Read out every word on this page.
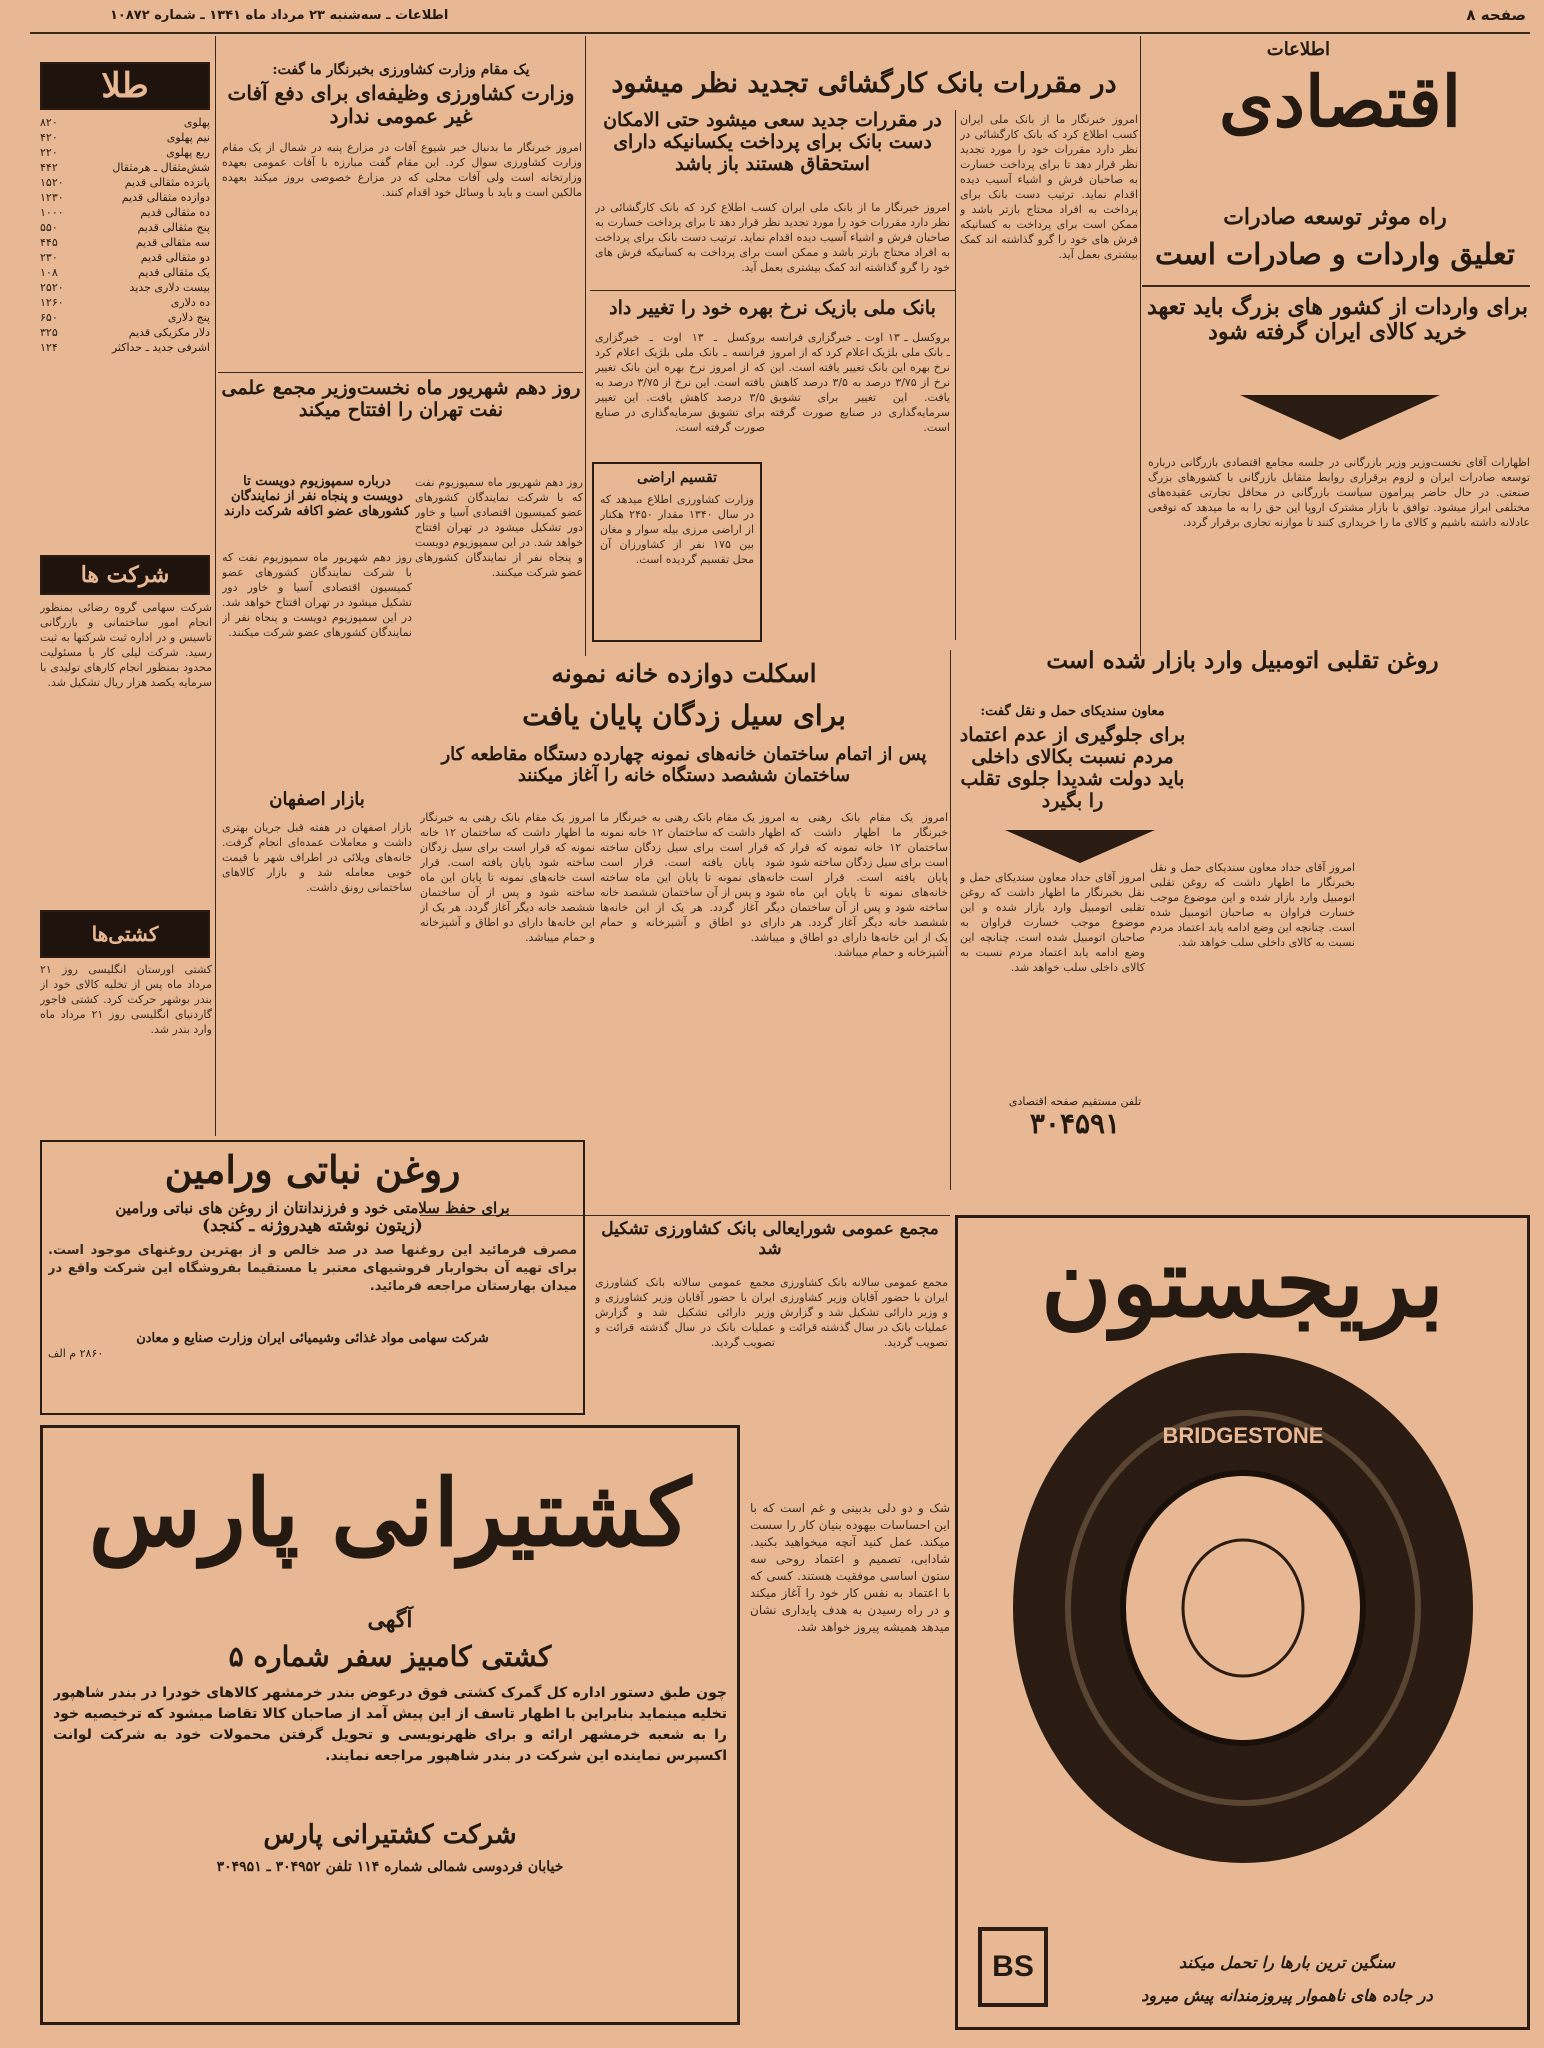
صفحه ۸
اطلاعات ـ سه‌شنبه ۲۳ مرداد ماه ۱۳۴۱ ـ شماره ۱۰۸۷۲
اطلاعات
اقتصادی
راه موثر توسعه صادرات
تعلیق واردات و صادرات است
برای واردات از کشور های بزرگ باید تعهد خرید کالای ایران گرفته شود
اظهارات آقای نخست‌وزیر وزیر بازرگانی در جلسه مجامع اقتصادی بازرگانی درباره توسعه صادرات ایران و لزوم برقراری روابط متقابل بازرگانی با کشورهای بزرگ صنعتی. در حال حاضر پیرامون سیاست بازرگانی در محافل تجارتی عقیده‌های مختلفی ابراز میشود. توافق با بازار مشترک اروپا این حق را به ما میدهد که توقعی عادلانه داشته باشیم و کالای ما را خریداری کنند تا موازنه تجاری برقرار گردد.
در مقررات بانک کارگشائی تجدید نظر میشود
در مقررات جدید سعی میشود حتی الامکان دست بانک برای پرداخت یکسانیکه دارای استحقاق هستند باز باشد
امروز خبرنگار ما از بانک ملی ایران کسب اطلاع کرد که بانک کارگشائی در نظر دارد مقررات خود را مورد تجدید نظر قرار دهد تا برای پرداخت خسارت به صاحبان فرش و اشیاء آسیب دیده اقدام نماید. ترتیب دست بانک برای پرداخت به افراد محتاج بازتر باشد و ممکن است برای پرداخت به کسانیکه فرش های خود را گرو گذاشته اند کمک بیشتری بعمل آید.
امروز خبرنگار ما از بانک ملی ایران کسب اطلاع کرد که بانک کارگشائی در نظر دارد مقررات خود را مورد تجدید نظر قرار دهد تا برای پرداخت خسارت به صاحبان فرش و اشیاء آسیب دیده اقدام نماید. ترتیب دست بانک برای پرداخت به افراد محتاج بازتر باشد و ممکن است برای پرداخت به کسانیکه فرش های خود را گرو گذاشته اند کمک بیشتری بعمل آید.
بانک ملی بازیک نرخ بهره خود را تغییر داد
بروکسل ـ ۱۳ اوت ـ خبرگزاری فرانسه ـ بانک ملی بلژیک اعلام کرد که از امروز نرخ بهره این بانک تغییر یافته است. این نرخ از ۳/۷۵ درصد به ۳/۵ درصد کاهش یافت. این تغییر برای تشویق سرمایه‌گذاری در صنایع صورت گرفته است.
بروکسل ـ ۱۳ اوت ـ خبرگزاری فرانسه ـ بانک ملی بلژیک اعلام کرد که از امروز نرخ بهره این بانک تغییر یافته است. این نرخ از ۳/۷۵ درصد به ۳/۵ درصد کاهش یافت. این تغییر برای تشویق سرمایه‌گذاری در صنایع صورت گرفته است.
تقسیم اراضی
وزارت کشاورزی اطلاع میدهد که در سال ۱۳۴۰ مقدار ۲۴۵۰ هکتار از اراضی مرزی بیله سوار و مغان بین ۱۷۵ نفر از کشاورزان آن محل تقسیم گردیده است.
یک مقام وزارت کشاورزی بخبرنگار ما گفت:
وزارت کشاورزی وظیفه‌ای برای دفع آفات غیر عمومی ندارد
امروز خبرنگار ما بدنبال خبر شیوع آفات در مزارع پنبه در شمال از یک مقام وزارت کشاورزی سوال کرد. این مقام گفت مبارزه با آفات عمومی بعهده وزارتخانه است ولی آفات محلی که در مزارع خصوصی بروز میکند بعهده مالکین است و باید با وسائل خود اقدام کنند.
روز دهم شهریور ماه نخست‌وزیر مجمع علمی نفت تهران را افتتاح میکند
درباره سمپوزیوم دویست تا دویست و پنجاه نفر از نمایندگان کشورهای عضو اکافه شرکت دارند
روز دهم شهریور ماه سمپوزیوم نفت که با شرکت نمایندگان کشورهای عضو کمیسیون اقتصادی آسیا و خاور دور تشکیل میشود در تهران افتتاح خواهد شد. در این سمپوزیوم دویست و پنجاه نفر از نمایندگان کشورهای عضو شرکت میکنند.
روز دهم شهریور ماه سمپوزیوم نفت که با شرکت نمایندگان کشورهای عضو کمیسیون اقتصادی آسیا و خاور دور تشکیل میشود در تهران افتتاح خواهد شد. در این سمپوزیوم دویست و پنجاه نفر از نمایندگان کشورهای عضو شرکت میکنند.
طلا
پهلوی
۸۲۰
نیم پهلوی
۴۲۰
ربع پهلوی
۲۲۰
شش‌مثقال ـ هرمثقال
۴۴۲
پانزده مثقالی قدیم
۱۵۲۰
دوازده مثقالی قدیم
۱۲۳۰
ده مثقالی قدیم
۱۰۰۰
پنج مثقالی قدیم
۵۵۰
سه مثقالی قدیم
۴۴۵
دو مثقالی قدیم
۲۳۰
یک مثقالی قدیم
۱۰۸
بیست دلاری جدید
۲۵۲۰
ده دلاری
۱۲۶۰
پنج دلاری
۶۵۰
دلار مکزیکی قدیم
۳۲۵
اشرفی جدید ـ حداکثر
۱۲۴
شرکت ها
شرکت سهامی گروه رضائی بمنظور انجام امور ساختمانی و بازرگانی تاسیس و در اداره ثبت شرکتها به ثبت رسید. شرکت لیلی کار با مسئولیت محدود بمنظور انجام کارهای تولیدی با سرمایه یکصد هزار ریال تشکیل شد.
کشتی‌ها
کشتی اورستان انگلیسی روز ۲۱ مرداد ماه پس از تخلیه کالای خود از بندر بوشهر حرکت کرد. کشتی فاجور گاردنیای انگلیسی روز ۲۱ مرداد ماه وارد بندر شد.
بازار اصفهان
بازار اصفهان در هفته قبل جریان بهتری داشت و معاملات عمده‌ای انجام گرفت. خانه‌های ویلائی در اطراف شهر با قیمت خوبی معامله شد و بازار کالاهای ساختمانی رونق داشت.
اسکلت دوازده خانه نمونه
برای سیل زدگان پایان یافت
پس از اتمام ساختمان خانه‌های نمونه چهارده دستگاه مقاطعه کار ساختمان ششصد دستگاه خانه را آغاز میکنند
امروز یک مقام بانک رهنی به خبرنگار ما اظهار داشت که ساختمان ۱۲ خانه نمونه که قرار است برای سیل زدگان ساخته شود پایان یافته است. قرار است خانه‌های نمونه تا پایان این ماه ساخته شود و پس از آن ساختمان ششصد خانه دیگر آغاز گردد. هر یک از این خانه‌ها دارای دو اطاق و آشپزخانه و حمام میباشد.
امروز یک مقام بانک رهنی به خبرنگار ما اظهار داشت که ساختمان ۱۲ خانه نمونه که قرار است برای سیل زدگان ساخته شود پایان یافته است. قرار است خانه‌های نمونه تا پایان این ماه ساخته شود و پس از آن ساختمان ششصد خانه دیگر آغاز گردد. هر یک از این خانه‌ها دارای دو اطاق و آشپزخانه و حمام میباشد.
امروز یک مقام بانک رهنی به خبرنگار ما اظهار داشت که ساختمان ۱۲ خانه نمونه که قرار است برای سیل زدگان ساخته شود پایان یافته است. قرار است خانه‌های نمونه تا پایان این ماه ساخته شود و پس از آن ساختمان ششصد خانه دیگر آغاز گردد. هر یک از این خانه‌ها دارای دو اطاق و آشپزخانه و حمام میباشد.
مجمع عمومی شورایعالی بانک کشاورزی تشکیل شد
مجمع عمومی سالانه بانک کشاورزی ایران با حضور آقایان وزیر کشاورزی و وزیر دارائی تشکیل شد و گزارش عملیات بانک در سال گذشته قرائت و تصویب گردید.
مجمع عمومی سالانه بانک کشاورزی ایران با حضور آقایان وزیر کشاورزی و وزیر دارائی تشکیل شد و گزارش عملیات بانک در سال گذشته قرائت و تصویب گردید.
روغن تقلبی اتومبیل وارد بازار شده است
معاون سندیکای حمل و نقل گفت:
برای جلوگیری از عدم اعتماد مردم نسبت بکالای داخلی باید دولت شدیدا جلوی تقلب را بگیرد
امروز آقای حداد معاون سندیکای حمل و نقل بخبرنگار ما اظهار داشت که روغن تقلبی اتومبیل وارد بازار شده و این موضوع موجب خسارت فراوان به صاحبان اتومبیل شده است. چنانچه این وضع ادامه یابد اعتماد مردم نسبت به کالای داخلی سلب خواهد شد.
امروز آقای حداد معاون سندیکای حمل و نقل بخبرنگار ما اظهار داشت که روغن تقلبی اتومبیل وارد بازار شده و این موضوع موجب خسارت فراوان به صاحبان اتومبیل شده است. چنانچه این وضع ادامه یابد اعتماد مردم نسبت به کالای داخلی سلب خواهد شد.
تلفن مستقیم صفحه اقتصادی
۳۰۴۵۹۱
روغن نباتی ورامین
برای حفظ سلامتی خود و فرزندانتان از روغن های نباتی ورامین
(زیتون نوشته هیدروژنه ـ کنجد)
مصرف فرمائید این روغنها صد در صد خالص و از بهترین روغنهای موجود است. برای تهیه آن بخواربار فروشیهای معتبر یا مستقیما بفروشگاه این شرکت واقع در میدان بهارستان مراجعه فرمائید.
شرکت سهامی مواد غذائی وشیمیائی ایران وزارت صنایع و معادن
۲۸۶۰ م الف
کشتیرانی پارس
آگهی
کشتی کامبیز سفر شماره ۵
چون طبق دستور اداره کل گمرک کشتی فوق درعوض بندر خرمشهر کالاهای خودرا در بندر شاهپور تخلیه مینماید بنابراین با اظهار تاسف از این پیش آمد از صاحبان کالا تقاضا میشود که ترخیصیه خود را به شعبه خرمشهر ارائه و برای ظهرنویسی و تحویل گرفتن محمولات خود به شرکت لوانت اکسپرس نماینده این شرکت در بندر شاهپور مراجعه نمایند.
شرکت کشتیرانی پارس
خیابان فردوسی شمالی شماره ۱۱۴ تلفن ۳۰۴۹۵۲ ـ ۳۰۴۹۵۱
شک و دو دلی بدبینی و غم است که با این احساسات بیهوده بنیان کار را سست میکند. عمل کنید آنچه میخواهید بکنید. شادابی، تصمیم و اعتماد روحی سه ستون اساسی موفقیت هستند. کسی که با اعتماد به نفس کار خود را آغاز میکند و در راه رسیدن به هدف پایداری نشان میدهد همیشه پیروز خواهد شد.
بریجستون
BRIDGESTONE
BS	سنگین ترین بارها را تحمل میکند
در جاده های ناهموار پیروزمندانه پیش میرود
